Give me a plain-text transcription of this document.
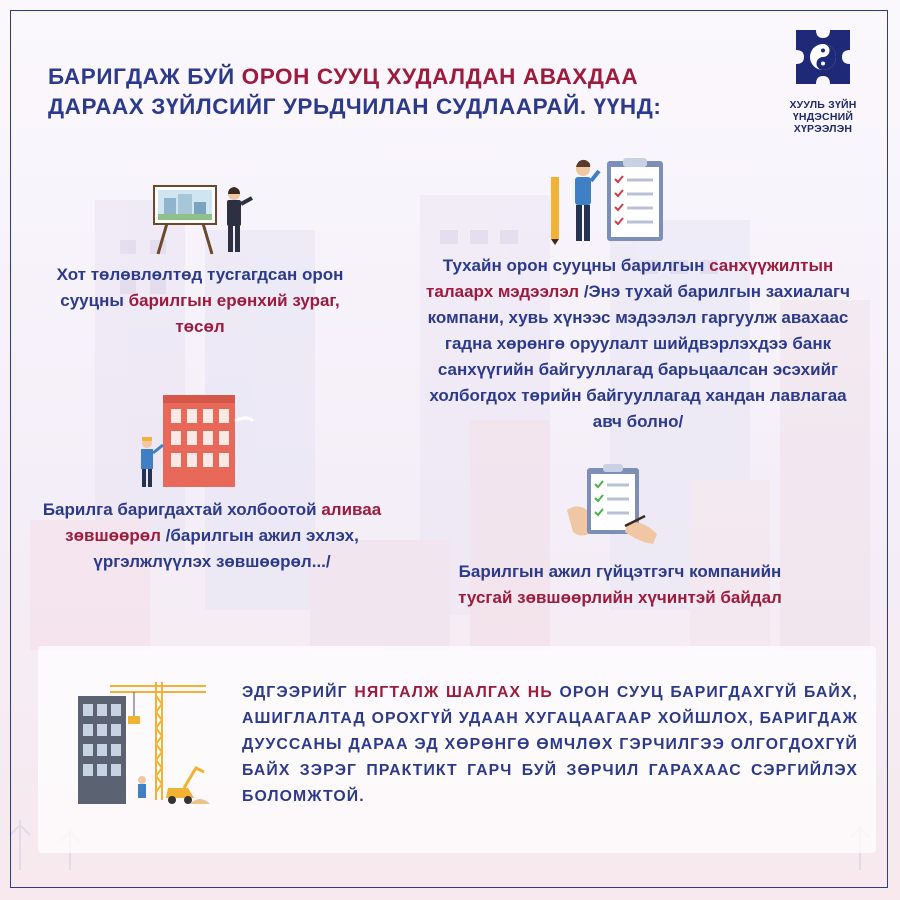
БАРИГДАЖ БУЙ ОРОН СУУЦ ХУДАЛДАН АВАХДАА ДАРААХ ЗҮЙЛСИЙГ УРЬДЧИЛАН СУДЛААРАЙ. ҮҮНД:	ХУУЛЬ ЗҮЙН
ҮНДЭСНИЙ ХҮРЭЭЛЭН
Хот төлөвлөлтөд тусгагдсан орон сууцны барилгын ерөнхий зураг, төсөл
Тухайн орон сууцны барилгын санхүүжилтын талаарх мэдээлэл /Энэ тухай барилгын захиалагч компани, хувь хүнээс мэдээлэл гаргуулж авахаас гадна хөрөнгө оруулалт шийдвэрлэхдээ банк санхүүгийн байгууллагад барьцаалсан эсэхийг холбогдох төрийн байгууллагад хандан лавлагаа авч болно/
Барилга баригдахтай холбоотой аливаа зөвшөөрөл /барилгын ажил эхлэх, үргэлжлүүлэх зөвшөөрөл.../
Барилгын ажил гүйцэтгэгч компанийн тусгай зөвшөөрлийн хүчинтэй байдал
ЭДГЭЭРИЙГ НЯГТАЛЖ ШАЛГАХ НЬ ОРОН СУУЦ БАРИГДАХГҮЙ БАЙХ, АШИГЛАЛТАД ОРОХГҮЙ УДААН ХУГАЦААГААР ХОЙШЛОХ, БАРИГДАЖ ДУУССАНЫ ДАРАА ЭД ХӨРӨНГӨ ӨМЧЛӨХ ГЭРЧИЛГЭЭ ОЛГОГДОХГҮЙ БАЙХ ЗЭРЭГ ПРАКТИКТ ГАРЧ БУЙ ЗӨРЧИЛ ГАРАХААС СЭРГИЙЛЭХ БОЛОМЖТОЙ.
